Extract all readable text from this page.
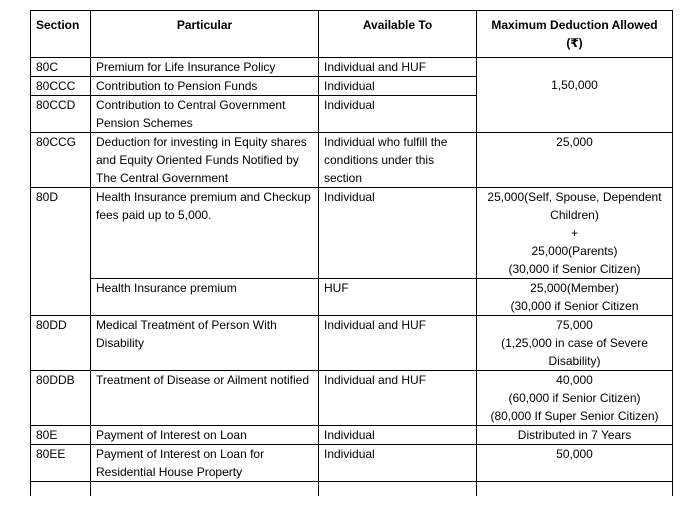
Section	Particular	Available To	Maximum Deduction Allowed (₹)
80C	Premium for Life Insurance Policy	Individual and HUF	1,50,000
80CCC	Contribution to Pension Funds	Individual	
80CCD	Contribution to Central Government Pension Schemes	Individual	
80CCG	Deduction for investing in Equity shares and Equity Oriented Funds Notified by The Central Government	Individual who fulfill the conditions under this section	25,000
80D	Health Insurance premium and Checkup fees paid up to 5,000.	Individual	25,000(Self, Spouse, Dependent Children)
+
25,000(Parents)
(30,000 if Senior Citizen)

	Health Insurance premium	HUF	25,000(Member)
(30,000 if Senior Citizen

80DD	Medical Treatment of Person With Disability	Individual and HUF	75,000
(1,25,000 in case of Severe Disability)

80DDB	Treatment of Disease or Ailment notified	Individual and HUF	40,000
(60,000 if Senior Citizen)
(80,000 If Super Senior Citizen)

80E	Payment of Interest on Loan	Individual	Distributed in 7 Years
80EE	Payment of Interest on Loan for Residential House Property	Individual	50,000
